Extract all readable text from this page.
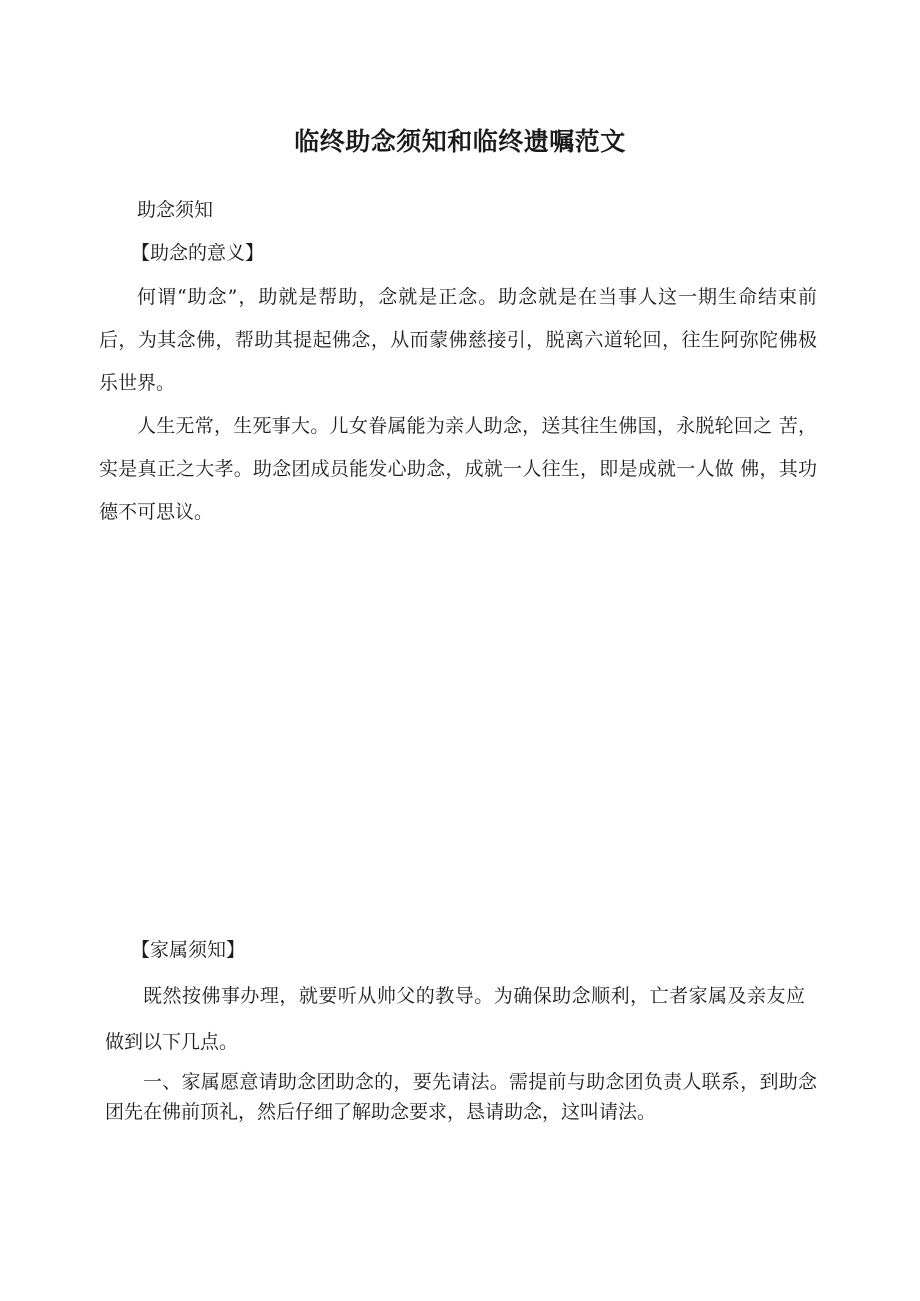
临终助念须知和临终遗嘱范文

助念须知

【助念的意义】

何谓“助念”，助就是帮助，念就是正念。助念就是在当事人这一期生命结束前后，为其念佛，帮助其提起佛念，从而蒙佛慈接引，脱离六道轮回，往生阿弥陀佛极乐世界。

人生无常，生死事大。儿女眷属能为亲人助念，送其往生佛国，永脱轮回之 苦，实是真正之大孝。助念团成员能发心助念，成就一人往生，即是成就一人做 佛，其功德不可思议。

【家属须知】

既然按佛事办理，就要听从帅父的教导。为确保助念顺利，亡者家属及亲友应做到以下几点。

一、家属愿意请助念团助念的，要先请法。需提前与助念团负责人联系，到助念团先在佛前顶礼，然后仔细了解助念要求，恳请助念，这叫请法。
